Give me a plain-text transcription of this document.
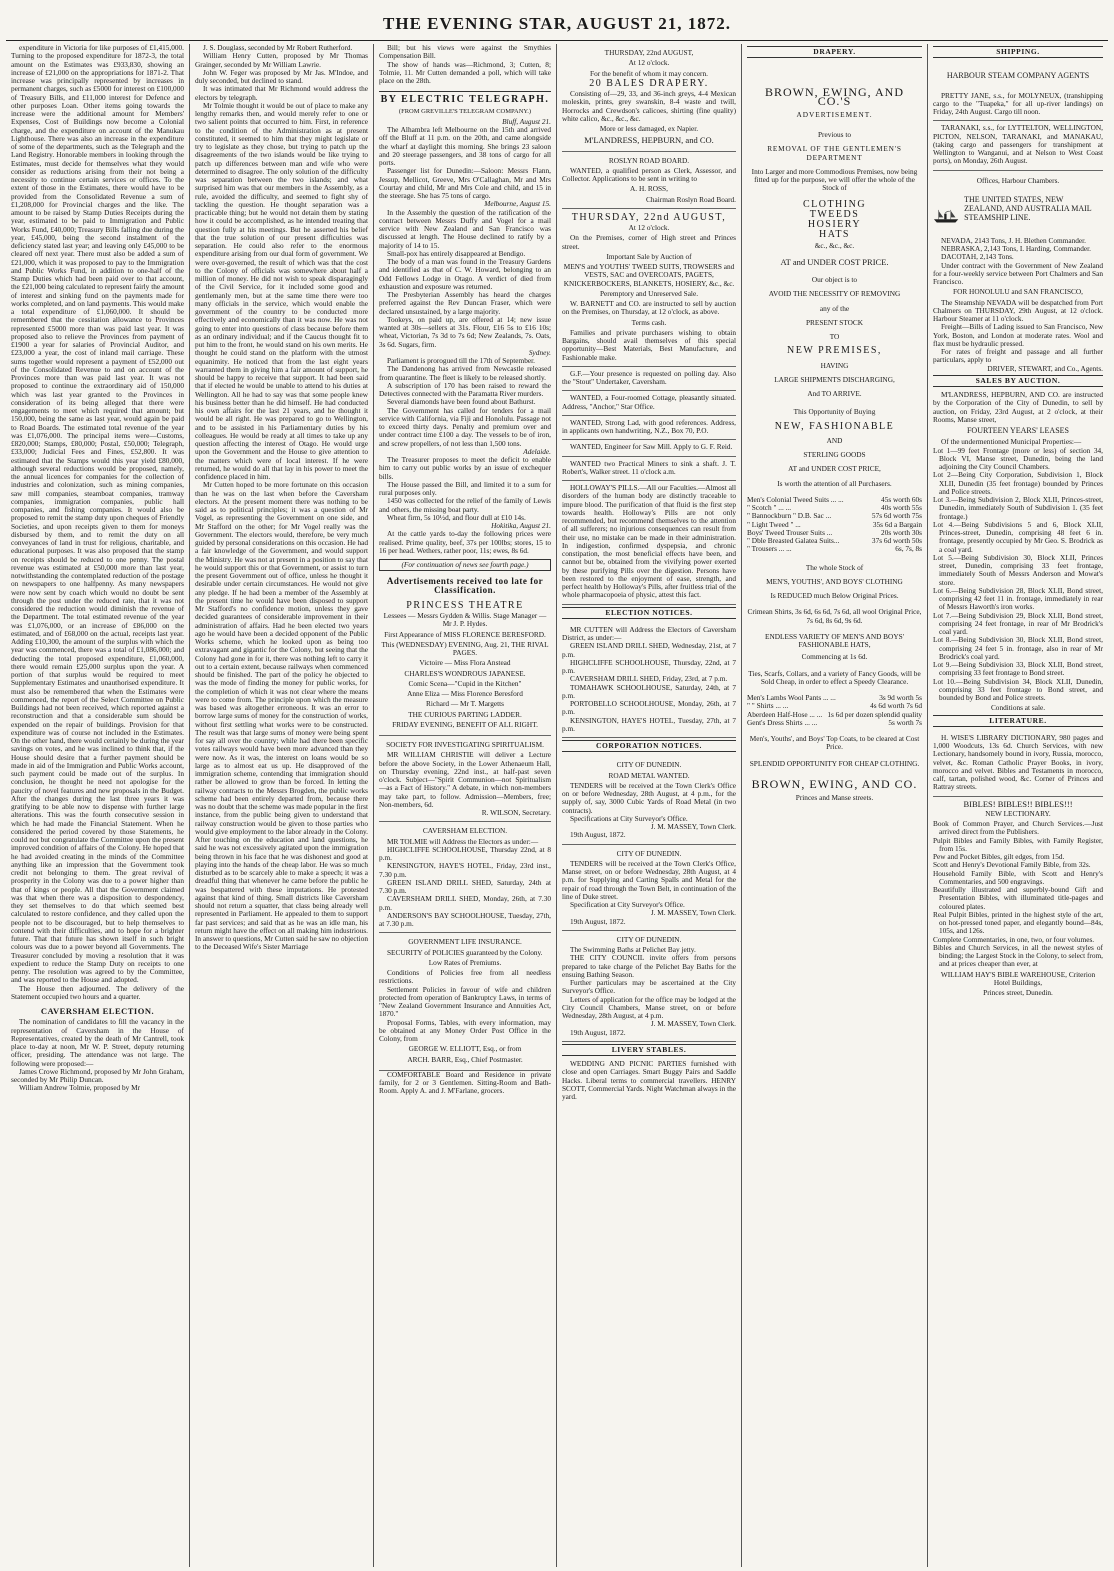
THE EVENING STAR, AUGUST 21, 1872.

expenditure in Victoria for like purposes of £1,415,000. Turning to the proposed expenditure for 1872-3, the total amount on the Estimates was £933,830, showing an increase of £21,000 on the appropriations for 1871-2. That increase was principally represented by increases in permanent charges, such as £5000 for interest on £100,000 of Treasury Bills, and £11,000 interest for Defence and other purposes Loan. Other items going towards the increase were the additional amount for Members' Expenses, Cost of Buildings now become a Colonial charge, and the expenditure on account of the Manukau Lighthouse. There was also an increase in the expenditure of some of the departments, such as the Telegraph and the Land Registry. Honorable members in looking through the Estimates, must decide for themselves what they would consider as reductions arising from their not being a necessity to continue certain services or offices. To the extent of those in the Estimates, there would have to be provided from the Consolidated Revenue a sum of £1,208,000 for Provincial charges and the like. The amount to be raised by Stamp Duties Receipts during the year, estimated to be paid to Immigration and Public Works Fund, £40,000; Treasury Bills falling due during the year, £45,000, being the second instalment of the deficiency stated last year; and leaving only £45,000 to be cleared off next year. There must also be added a sum of £21,000, which it was proposed to pay to the Immigration and Public Works Fund, in addition to one-half of the Stamp Duties which had been paid over to that account, the £21,000 being calculated to represent fairly the amount of interest and sinking fund on the payments made for works completed, and on land payments. This would make a total expenditure of £1,060,000. It should be remembered that the cessitation allowance to Provinces represented £5000 more than was paid last year. It was proposed also to relieve the Provinces from payment of £1900 a year for salaries of Provincial Auditor, and £23,000 a year, the cost of inland mail carriage. These sums together would represent a payment of £52,000 out of the Consolidated Revenue to and on account of the Provinces more than was paid last year. It was not proposed to continue the extraordinary aid of 150,000 which was last year granted to the Provinces in consideration of its being alleged that there were engagements to meet which required that amount; but 150,000, being the same as last year, would again be paid to Road Boards. The estimated total revenue of the year was £1,076,000. The principal items were—Customs, £820,000; Stamps, £80,000; Postal, £50,000; Telegraph, £33,000; Judicial Fees and Fines, £52,800. It was estimated that the Stamps would this year yield £80,000, although several reductions would be proposed, namely, the annual licences for companies for the collection of industries and colonization, such as mining companies, saw mill companies, steamboat companies, tramway companies, immigration companies, public hall companies, and fishing companies. It would also be proposed to remit the stamp duty upon cheques of Friendly Societies, and upon receipts given to them for moneys disbursed by them, and to remit the duty on all conveyances of land in trust for religious, charitable, and educational purposes. It was also proposed that the stamp on receipts should be reduced to one penny. The postal revenue was estimated at £50,000 more than last year, notwithstanding the contemplated reduction of the postage on newspapers to one halfpenny. As many newspapers were now sent by coach which would no doubt be sent through the post under the reduced rate, that it was not considered the reduction would diminish the revenue of the Department. The total estimated revenue of the year was £1,076,000, or an increase of £86,000 on the estimated, and of £68,000 on the actual, receipts last year. Adding £10,300, the amount of the surplus with which the year was commenced, there was a total of £1,086,000; and deducting the total proposed expenditure, £1,060,000, there would remain £25,000 surplus upon the year. A portion of that surplus would be required to meet Supplementary Estimates and unauthorised expenditure. It must also be remembered that when the Estimates were commenced, the report of the Select Committee on Public Buildings had not been received, which reported against a reconstruction and that a considerable sum should be expended on the repair of buildings. Provision for that expenditure was of course not included in the Estimates. On the other hand, there would certainly be during the year savings on votes, and he was inclined to think that, if the House should desire that a further payment should be made in aid of the Immigration and Public Works account, such payment could be made out of the surplus. In conclusion, he thought he need not apologise for the paucity of novel features and new proposals in the Budget. After the changes during the last three years it was gratifying to be able now to dispense with further large alterations. This was the fourth consecutive session in which he had made the Financial Statement. When he considered the period covered by those Statements, he could not but congratulate the Committee upon the present improved condition of affairs of the Colony. He hoped that he had avoided creating in the minds of the Committee anything like an impression that the Government took credit not belonging to them. The great revival of prosperity in the Colony was due to a power higher than that of kings or people. All that the Government claimed was that when there was a disposition to despondency, they set themselves to do that which seemed best calculated to restore confidence, and they called upon the people not to be discouraged, but to help themselves to contend with their difficulties, and to hope for a brighter future. That that future has shown itself in such bright colours was due to a power beyond all Governments. The Treasurer concluded by moving a resolution that it was expedient to reduce the Stamp Duty on receipts to one penny. The resolution was agreed to by the Committee, and was reported to the House and adopted.

The House then adjourned. The delivery of the Statement occupied two hours and a quarter.

CAVERSHAM ELECTION.

The nomination of candidates to fill the vacancy in the representation of Caversham in the House of Representatives, created by the death of Mr Cantrell, took place to-day at noon, Mr W. P. Street, deputy returning officer, presiding. The attendance was not large. The following were proposed:—

James Crowe Richmond, proposed by Mr John Graham, seconded by Mr Philip Duncan.

William Andrew Tolmie, proposed by Mr

J. S. Douglass, seconded by Mr Robert Rutherford.

William Henry Cutten, proposed by Mr Thomas Grainger, seconded by Mr William Lawrie.

John W. Feger was proposed by Mr Jas. M'Indoe, and duly seconded, but declined to stand.

It was intimated that Mr Richmond would address the electors by telegraph.

Mr Tolmie thought it would be out of place to make any lengthy remarks then, and would merely refer to one or two salient points that occurred to him. First, in reference to the condition of the Administration as at present constituted, it seemed to him that they might legislate or try to legislate as they chose, but trying to patch up the disagreements of the two islands would be like trying to patch up differences between man and wife who were determined to disagree. The only solution of the difficulty was separation between the two islands; and what surprised him was that our members in the Assembly, as a rule, avoided the difficulty, and seemed to fight shy of tackling the question. He thought separation was a practicable thing; but he would not detain them by stating how it could be accomplished, as he intended treating that question fully at his meetings. But he asserted his belief that the true solution of our present difficulties was separation. He could also refer to the enormous expenditure arising from our dual form of government. We were over-governed, the result of which was that the cost to the Colony of officials was somewhere about half a million of money. He did not wish to speak disparagingly of the Civil Service, for it included some good and gentlemanly men, but at the same time there were too many officials in the service, which would enable the government of the country to be conducted more effectively and economically than it was now. He was not going to enter into questions of class because before them as an ordinary individual; and if the Caucus thought fit to put him to the front, he would stand on his own merits. He thought he could stand on the platform with the utmost equanimity. He noticed that from the last eight years warranted them in giving him a fair amount of support, he should be happy to receive that support. It had been said that if elected he would be unable to attend to his duties at Wellington. All he had to say was that some people knew his business better than he did himself. He had conducted his own affairs for the last 21 years, and he thought it would be all right. He was prepared to go to Wellington, and to be assisted in his Parliamentary duties by his colleagues. He would be ready at all times to take up any question affecting the interest of Otago. He would urge upon the Government and the House to give attention to the matters which were of local interest. If he were returned, he would do all that lay in his power to meet the confidence placed in him.

Mr Cutten hoped to be more fortunate on this occasion than he was on the last when before the Caversham electors. At the present moment there was nothing to be said as to political principles; it was a question of Mr Vogel, as representing the Government on one side, and Mr Stafford on the other; for Mr Vogel really was the Government. The electors would, therefore, be very much guided by personal considerations on this occasion. He had a fair knowledge of the Government, and would support the Ministry. He was not at present in a position to say that he would support this or that Government, or assist to turn the present Government out of office, unless he thought it desirable under certain circumstances. He would not give any pledge. If he had been a member of the Assembly at the present time he would have been disposed to support Mr Stafford's no confidence motion, unless they gave decided guarantees of considerable improvement in their administration of affairs. Had he been elected two years ago he would have been a decided opponent of the Public Works scheme, which he looked upon as being too extravagant and gigantic for the Colony, but seeing that the Colony had gone in for it, there was nothing left to carry it out to a certain extent, because railways when commenced should be finished. The part of the policy he objected to was the mode of finding the money for public works, for the completion of which it was not clear where the means were to come from. The principle upon which the measure was based was altogether erroneous. It was an error to borrow large sums of money for the construction of works, without first settling what works were to be constructed. The result was that large sums of money were being spent for say all over the country; while had there been specific votes railways would have been more advanced than they were now. As it was, the interest on loans would be so large as to almost eat us up. He disapproved of the immigration scheme, contending that immigration should rather be allowed to grow than be forced. In letting the railway contracts to the Messrs Brogden, the public works scheme had been entirely departed from, because there was no doubt that the scheme was made popular in the first instance, from the public being given to understand that railway construction would be given to those parties who would give employment to the labor already in the Colony. After touching on the education and land questions, he said he was not excessively agitated upon the immigration being thrown in his face that he was dishonest and good at playing into the hands of the cheap labor. He was so much disturbed as to be scarcely able to make a speech; it was a dreadful thing that whenever he came before the public he was bespattered with these imputations. He protested against that kind of thing. Small districts like Caversham should not return a squatter, that class being already well represented in Parliament. He appealed to them to support far past services; and said that as he was an idle man, his return might have the effect on all making him industrious. In answer to questions, Mr Cutten said he saw no objection to the Deceased Wife's Sister Marriage

Bill; but his views were against the Smythies Compensation Bill.

The show of hands was—Richmond, 3; Cutten, 8; Tolmie, 11. Mr Cutten demanded a poll, which will take place on the 28th.

BY ELECTRIC TELEGRAPH.

(FROM GREVILLE'S TELEGRAM COMPANY.)

Bluff, August 21.

The Alhambra left Melbourne on the 15th and arrived off the Bluff at 11 p.m. on the 20th, and came alongside the wharf at daylight this morning. She brings 23 saloon and 20 steerage passengers, and 38 tons of cargo for all ports.

Passenger list for Dunedin:—Saloon: Messrs Flann, Jessup, Mellicot, Greeve, Mrs O'Callaghan, Mr and Mrs Courtay and child, Mr and Mrs Cole and child, and 15 in the steerage. She has 75 tons of cargo.

Melbourne, August 15.

In the Assembly the question of the ratification of the contract between Messrs Duffy and Vogel for a mail service with New Zealand and San Francisco was discussed at length. The House declined to ratify by a majority of 14 to 15.

Small-pox has entirely disappeared at Bendigo.

The body of a man was found in the Treasury Gardens and identified as that of C. W. Howard, belonging to an Odd Fellows Lodge in Otago. A verdict of died from exhaustion and exposure was returned.

The Presbyterian Assembly has heard the charges preferred against the Rev Duncan Fraser, which were declared unsustained, by a large majority.

Tookeys, on paid up, are offered at 14; new issue wanted at 30s—sellers at 31s. Flour, £16 5s to £16 10s; wheat, Victorian, 7s 3d to 7s 6d; New Zealands, 7s. Oats, 3s 6d. Sugars, firm.

Sydney.

Parliament is prorogued till the 17th of September.

The Dandenong has arrived from Newcastle released from quarantine. The fleet is likely to be released shortly.

A subscription of 170 has been raised to reward the Detectives connected with the Paramatta River murders.

Several diamonds have been found about Bathurst.

The Government has called for tenders for a mail service with California, via Fiji and Honolulu. Passage not to exceed thirty days. Penalty and premium over and under contract time £100 a day. The vessels to be of iron, and screw propellers, of not less than 1,500 tons.

Adelaide.

The Treasurer proposes to meet the deficit to enable him to carry out public works by an issue of exchequer bills.

The House passed the Bill, and limited it to a sum for rural purposes only.

1450 was collected for the relief of the family of Lewis and others, the missing boat party.

Wheat firm, 5s 10½d, and flour dull at £10 14s.

Hokitika, August 21.

At the cattle yards to-day the following prices were realised. Prime quality, beef, 37s per 100lbs; stores, 15 to 16 per head. Wethers, rather poor, 11s; ewes, 8s 6d.

(For continuation of news see fourth page.)

Advertisements received too late for Classification.

PRINCESS THEATRE

Lessees — Messrs Gydden & Willis. Stage Manager — Mr J. P. Hydes.

First Appearance of MISS FLORENCE BERESFORD.

This (WEDNESDAY) EVENING, Aug. 21, THE RIVAL PAGES.

Victoire — Miss Flora Anstead

CHARLES'S WONDROUS JAPANESE.

Comic Scena—"Cupid in the Kitchen"

Anne Eliza — Miss Florence Beresford

Richard — Mr T. Margetts

THE CURIOUS PARTING LADDER.

FRIDAY EVENING, BENEFIT OF ALL RIGHT.

SOCIETY FOR INVESTIGATING SPIRITUALISM.

MR WILLIAM CHRISTIE will deliver a Lecture before the above Society, in the Lower Athenaeum Hall, on Thursday evening, 22nd inst., at half-past seven o'clock. Subject—"Spirit Communion—not Spiritualism—as a Fact of History." A debate, in which non-members may take part, to follow. Admission—Members, free; Non-members, 6d.

R. WILSON, Secretary.

CAVERSHAM ELECTION.

MR TOLMIE will Address the Electors as under:—

HIGHCLIFFE SCHOOLHOUSE, Thursday 22nd, at 8 p.m.

KENSINGTON, HAYE'S HOTEL, Friday, 23rd inst., 7.30 p.m.

GREEN ISLAND DRILL SHED, Saturday, 24th at 7.30 p.m.

CAVERSHAM DRILL SHED, Monday, 26th, at 7.30 p.m.

ANDERSON'S BAY SCHOOLHOUSE, Tuesday, 27th, at 7.30 p.m.

GOVERNMENT LIFE INSURANCE.

SECURITY of POLICIES guaranteed by the Colony.

Low Rates of Premiums.

Conditions of Policies free from all needless restrictions.

Settlement Policies in favour of wife and children protected from operation of Bankruptcy Laws, in terms of "New Zealand Government Insurance and Annuities Act, 1870."

Proposal Forms, Tables, with every information, may be obtained at any Money Order Post Office in the Colony, from

GEORGE W. ELLIOTT, Esq., or from

ARCH. BARR, Esq., Chief Postmaster.

COMFORTABLE Board and Residence in private family, for 2 or 3 Gentlemen. Sitting-Room and Bath-Room. Apply A. and J. M'Farlane, grocers.

THURSDAY, 22nd AUGUST,

At 12 o'clock.

For the benefit of whom it may concern.

20 BALES DRAPERY.

Consisting of—29, 33, and 36-inch greys, 4-4 Mexican moleskin, prints, grey swanskin, 8-4 waste and twill, Horrocks and Crewdson's calicoes, shirting (fine quality) white calico, &c., &c., &c.

More or less damaged, ex Napier.

M'LANDRESS, HEPBURN, and CO.

ROSLYN ROAD BOARD.

WANTED, a qualified person as Clerk, Assessor, and Collector. Applications to be sent in writing to

A. H. ROSS,

Chairman Roslyn Road Board.

THURSDAY, 22nd AUGUST,

At 12 o'clock.

On the Premises, corner of High street and Princes street.

Important Sale by Auction of

MEN'S and YOUTHS' TWEED SUITS, TROWSERS and VESTS, SAC and OVERCOATS, PAGETS, KNICKERBOCKERS, BLANKETS, HOSIERY, &c., &c.

Peremptory and Unreserved Sale.

W. BARNETT and CO. are instructed to sell by auction on the Premises, on Thursday, at 12 o'clock, as above.

Terms cash.

Families and private purchasers wishing to obtain Bargains, should avail themselves of this special opportunity—Best Materials, Best Manufacture, and Fashionable make.

G.F.—Your presence is requested on polling day. Also the "Stout" Undertaker, Caversham.

WANTED, a Four-roomed Cottage, pleasantly situated. Address, "Anchor," Star Office.

WANTED, Strong Lad, with good references. Address, in applicants own handwriting, N.Z., Box 70, P.O.

WANTED, Engineer for Saw Mill. Apply to G. F. Reid.

WANTED two Practical Miners to sink a shaft. J. T. Robert's, Walker street. 11 o'clock a.m.

HOLLOWAY'S PILLS.—All our Faculties.—Almost all disorders of the human body are distinctly traceable to impure blood. The purification of that fluid is the first step towards health. Holloway's Pills are not only recommended, but recommend themselves to the attention of all sufferers; no injurious consequences can result from their use, no mistake can be made in their administration. In indigestion, confirmed dyspepsia, and chronic constipation, the most beneficial effects have been, and cannot but be, obtained from the vivifying power exerted by these purifying Pills over the digestion. Persons have been restored to the enjoyment of ease, strength, and perfect health by Holloway's Pills, after fruitless trial of the whole pharmacopoeia of physic, attest this fact.

ELECTION NOTICES.

MR CUTTEN will Address the Electors of Caversham District, as under:—

GREEN ISLAND DRILL SHED, Wednesday, 21st, at 7 p.m.

HIGHCLIFFE SCHOOLHOUSE, Thursday, 22nd, at 7 p.m.

CAVERSHAM DRILL SHED, Friday, 23rd, at 7 p.m.

TOMAHAWK SCHOOLHOUSE, Saturday, 24th, at 7 p.m.

PORTOBELLO SCHOOLHOUSE, Monday, 26th, at 7 p.m.

KENSINGTON, HAYE'S HOTEL, Tuesday, 27th, at 7 p.m.

CORPORATION NOTICES.

CITY OF DUNEDIN.

ROAD METAL WANTED.

TENDERS will be received at the Town Clerk's Office on or before Wednesday, 28th August, at 4 p.m., for the supply of, say, 3000 Cubic Yards of Road Metal (in two contracts).

Specifications at City Surveyor's Office.

J. M. MASSEY, Town Clerk.

19th August, 1872.

CITY OF DUNEDIN.

TENDERS will be received at the Town Clerk's Office, Manse street, on or before Wednesday, 28th August, at 4 p.m. for Supplying and Carting Spalls and Metal for the repair of road through the Town Belt, in continuation of the line of Duke street.

Specification at City Surveyor's Office.

J. M. MASSEY, Town Clerk.

19th August, 1872.

CITY OF DUNEDIN.

The Swimming Baths at Pelichet Bay jetty.

THE CITY COUNCIL invite offers from persons prepared to take charge of the Pelichet Bay Baths for the ensuing Bathing Season.

Further particulars may be ascertained at the City Surveyor's Office.

Letters of application for the office may be lodged at the City Council Chambers, Manse street, on or before Wednesday, 28th August, at 4 p.m.

J. M. MASSEY, Town Clerk.

19th August, 1872.

LIVERY STABLES.

WEDDING AND PICNIC PARTIES furnished with close and open Carriages. Smart Buggy Pairs and Saddle Hacks. Liberal terms to commercial travellers. HENRY SCOTT, Commercial Yards. Night Watchman always in the yard.

DRAPERY.

BROWN, EWING, AND CO.'S

ADVERTISEMENT.

Previous to

REMOVAL OF THE GENTLEMEN'S DEPARTMENT

Into Larger and more Commodious Premises, now being fitted up for the purpose, we will offer the whole of the Stock of

CLOTHING

TWEEDS

HOSIERY

HATS

&c., &c., &c.

AT and UNDER COST PRICE.

Our object is to

AVOID THE NECESSITY OF REMOVING

any of the

PRESENT STOCK

TO

NEW PREMISES,

HAVING

LARGE SHIPMENTS DISCHARGING,

And TO ARRIVE.

This Opportunity of Buying

NEW, FASHIONABLE

AND

STERLING GOODS

AT and UNDER COST PRICE,

Is worth the attention of all Purchasers.

Men's Colonial Tweed Suits ... ...	45s worth 60s
" Scotch " ... ...	40s worth 55s
" Bannockburn " D.B. Sac ...	57s 6d worth 75s
" Light Tweed " ...	35s 6d a Bargain
Boys' Tweed Trouser Suits ...	20s worth 30s
" Dble Breasted Galatea Suits...	37s 6d worth 50s
" Trousers ... ...	6s, 7s, 8s

The whole Stock of

MEN'S, YOUTHS', AND BOYS' CLOTHING

Is REDUCED much Below Original Prices.

Crimean Shirts, 3s 6d, 6s 6d, 7s 6d, all wool Original Price, 7s 6d, 8s 6d, 9s 6d.

ENDLESS VARIETY OF MEN'S AND BOYS' FASHIONABLE HATS,

Commencing at 1s 6d.

Ties, Scarfs, Collars, and a variety of Fancy Goods, will be Sold Cheap, in order to effect a Speedy Clearance.

Men's Lambs Wool Pants ... ...	3s 9d worth 5s
" " Shirts ... ...	4s 6d worth 7s 6d
Aberdeen Half-Hose ... ... 1s 6d per dozen splendid quality
Gent's Dress Shirts ... ...	5s worth 7s

Men's, Youths', and Boys' Top Coats, to be cleared at Cost Price.

SPLENDID OPPORTUNITY FOR CHEAP CLOTHING.

BROWN, EWING, AND CO.

Princes and Manse streets.

SHIPPING.

HARBOUR STEAM COMPANY AGENTS

PRETTY JANE, s.s., for MOLYNEUX, (transhipping cargo to the "Tuapeka," for all up-river landings) on Friday, 24th August. Cargo till noon.

TARANAKI, s.s., for LYTTELTON, WELLINGTON, PICTON, NELSON, TARANAKI, and MANAKAU, (taking cargo and passengers for transhipment at Wellington to Wanganui, and at Nelson to West Coast ports), on Monday, 26th August.

Offices, Harbour Chambers.

THE UNITED STATES, NEW ZEALAND, AND AUSTRALIA MAIL STEAMSHIP LINE.

NEVADA, 2143 Tons, J. H. Blethen Commander.

NEBRASKA, 2,143 Tons, I. Harding, Commander.

DACOTAH, 2,143 Tons.

Under contract with the Government of New Zealand for a four-weekly service between Port Chalmers and San Francisco.

FOR HONOLULU and SAN FRANCISCO,

The Steamship NEVADA will be despatched from Port Chalmers on THURSDAY, 29th August, at 12 o'clock. Harbour Steamer at 11 o'clock.

Freight—Bills of Lading issued to San Francisco, New York, Boston, and London at moderate rates. Wool and flax must be hydraulic pressed.

For rates of freight and passage and all further particulars, apply to

DRIVER, STEWART, and Co., Agents.

SALES BY AUCTION.

M'LANDRESS, HEPBURN, AND CO. are instructed by the Corporation of the City of Dunedin, to sell by auction, on Friday, 23rd August, at 2 o'clock, at their Rooms, Manse street,

FOURTEEN YEARS' LEASES

Of the undermentioned Municipal Properties:—

Lot 1—99 feet Frontage (more or less) of section 34, Block VI, Manse street, Dunedin, being the land adjoining the City Council Chambers.

Lot 2—Being City Corporation, Subdivision 1, Block XLII, Dunedin (35 feet frontage) bounded by Princes and Police streets.

Lot 3.—Being Subdivision 2, Block XLII, Princes-street, Dunedin, immediately South of Subdivision 1. (35 feet frontage.)

Lot 4.—Being Subdivisions 5 and 6, Block XLII, Princes-street, Dunedin, comprising 48 feet 6 in. frontage, presently occupied by Mr Geo. S. Brodrick as a coal yard.

Lot 5.—Being Subdivision 30, Block XLII, Princes street, Dunedin, comprising 33 feet frontage, immediately South of Messrs Anderson and Mowat's store.

Lot 6.—Being Subdivision 28, Block XLII, Bond street, comprising 42 feet 11 in. frontage, immediately in rear of Messrs Haworth's iron works.

Lot 7.—Being Subdivision 29, Block XLII, Bond street, comprising 24 feet frontage, in rear of Mr Brodrick's coal yard.

Lot 8.—Being Subdivision 30, Block XLII, Bond street, comprising 24 feet 5 in. frontage, also in rear of Mr Brodrick's coal yard.

Lot 9.—Being Subdivision 33, Block XLII, Bond street, comprising 33 feet frontage to Bond street.

Lot 10.—Being Subdivision 34, Block XLII, Dunedin, comprising 33 feet frontage to Bond street, and bounded by Bond and Police streets.

Conditions at sale.

LITERATURE.

H. WISE'S LIBRARY DICTIONARY, 980 pages and 1,000 Woodcuts, 13s 6d. Church Services, with new Lectionary, handsomely bound in ivory, Russia, morocco, velvet, &c. Roman Catholic Prayer Books, in ivory, morocco and velvet. Bibles and Testaments in morocco, calf, tartan, polished wood, &c. Corner of Princes and Rattray streets.

BIBLES! BIBLES!! BIBLES!!!

NEW LECTIONARY.

Book of Common Prayer, and Church Services.—Just arrived direct from the Publishers.

Pulpit Bibles and Family Bibles, with Family Register, from 15s.

Pew and Pocket Bibles, gilt edges, from 15d.

Scott and Henry's Devotional Family Bible, from 32s.

Household Family Bible, with Scott and Henry's Commentaries, and 500 engravings.

Beautifully illustrated and superbly-bound Gift and Presentation Bibles, with illuminated title-pages and coloured plates.

Real Pulpit Bibles, printed in the highest style of the art, on hot-pressed toned paper, and elegantly bound—84s, 105s, and 126s.

Complete Commentaries, in one, two, or four volumes.

Bibles and Church Services, in all the newest styles of binding; the Largest Stock in the Colony, to select from, and at prices cheaper than ever, at

WILLIAM HAY'S BIBLE WAREHOUSE, Criterion Hotel Buildings,

Princes street, Dunedin.
